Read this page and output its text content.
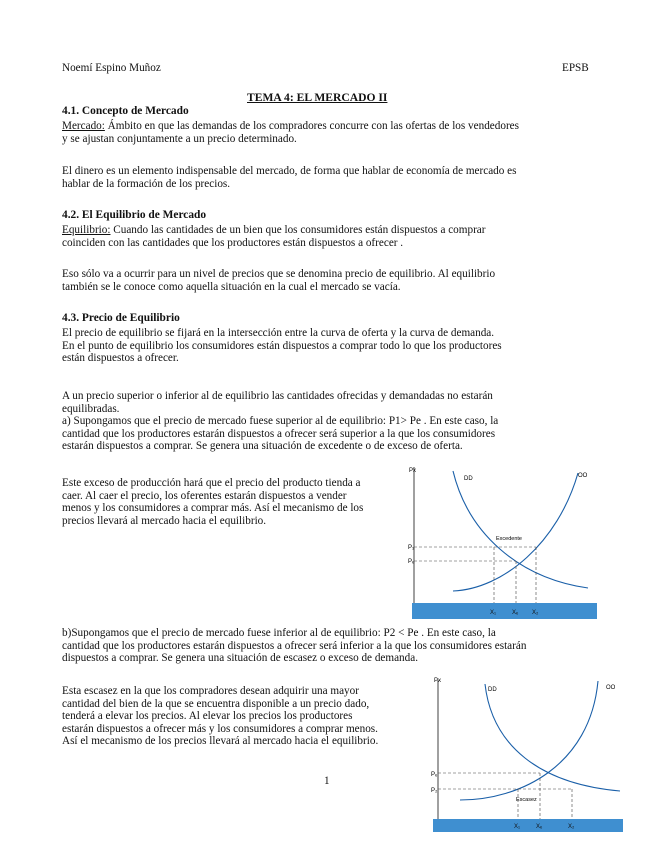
Noemí Espino Muñoz	EPSB
TEMA 4: EL MERCADO II
4.1. Concepto de Mercado

Mercado: Ámbito en que las demandas de los compradores concurre con las ofertas de los vendedores

y se ajustan conjuntamente a un precio determinado.

El dinero es un elemento indispensable del mercado, de forma que hablar de economía de mercado es

hablar de la formación de los precios.

4.2. El Equilibrio de Mercado

Equilibrio: Cuando las cantidades de un bien que los consumidores están dispuestos a comprar

coinciden con las cantidades que los productores están dispuestos a ofrecer .

Eso sólo va a ocurrir para un nivel de precios que se denomina precio de equilibrio. Al equilibrio

también se le conoce como aquella situación en la cual el mercado se vacía.

4.3. Precio de Equilibrio

El precio de equilibrio se fijará en la intersección entre la curva de oferta y la curva de demanda.

En el punto de equilibrio los consumidores están dispuestos a comprar todo lo que los productores

están dispuestos a ofrecer.

A un precio superior o inferior al de equilibrio las cantidades ofrecidas y demandadas no estarán

equilibradas.

a) Supongamos que el precio de mercado fuese superior al de equilibrio: P1> Pe . En este caso, la

cantidad que los productores estarán dispuestos a ofrecer será superior a la que los consumidores

estarán dispuestos a comprar. Se genera una situación de excedente o de exceso de oferta.

Este exceso de producción hará que el precio del producto tienda a

caer. Al caer el precio, los oferentes estarán dispuestos a vender

menos y los consumidores a comprar más. Así el mecanismo de los

precios llevará al mercado hacia el equilibrio.

b)Supongamos que el precio de mercado fuese inferior al de equilibrio: P2 < Pe . En este caso, la

cantidad que los productores estarán dispuestos a ofrecer será inferior a la que los consumidores estarán

dispuestos a comprar. Se genera una situación de escasez o exceso de demanda.

Esta escasez en la que los compradores desean adquirir una mayor

cantidad del bien de la que se encuentra disponible a un precio dado,

tenderá a elevar los precios. Al elevar los precios los productores

estarán dispuestos a ofrecer más y los consumidores a comprar menos.

Así el mecanismo de los precios llevará al mercado hacia el equilibrio.

1
Px
DD	OO
Excedente
P₁
Pₑ
X₁	Xₑ X₂
Px
DD	OO
Escasez
Pₑ
P₂
X₁	Xₑ	X₂
